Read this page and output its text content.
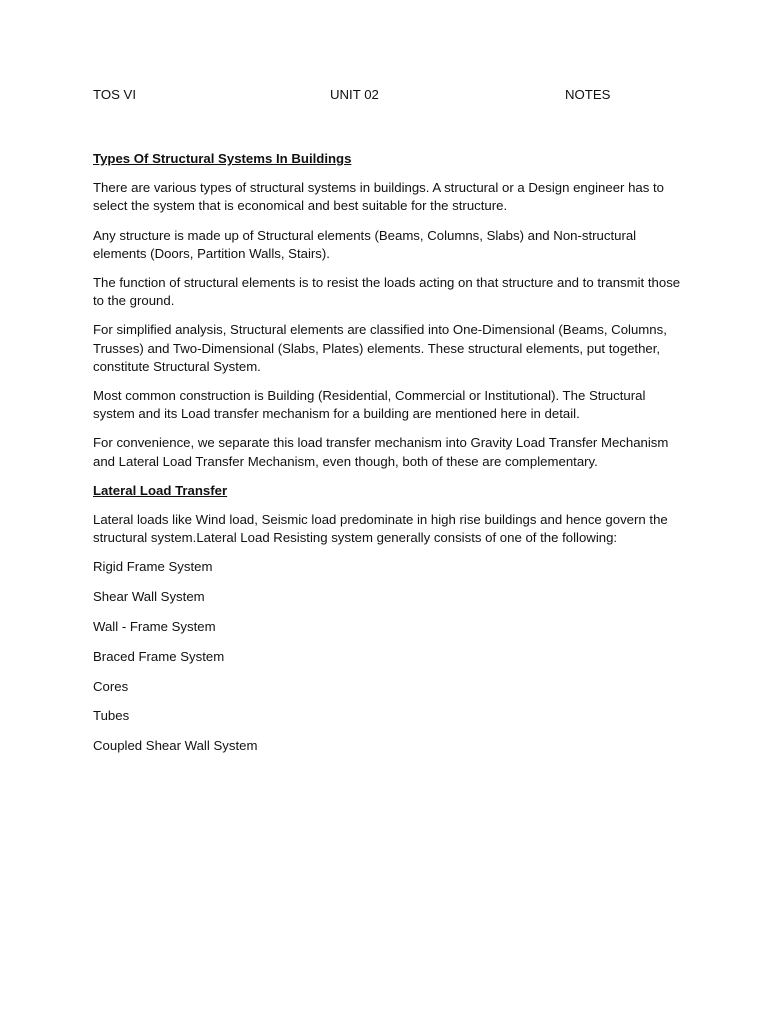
TOS VI	UNIT 02	NOTES
Types Of Structural Systems In Buildings

There are various types of structural systems in buildings. A structural or a Design engineer has to select the system that is economical and best suitable for the structure.

Any structure is made up of Structural elements (Beams, Columns, Slabs) and Non-structural elements (Doors, Partition Walls, Stairs).

The function of structural elements is to resist the loads acting on that structure and to transmit those to the ground.

For simplified analysis, Structural elements are classified into One-Dimensional (Beams, Columns, Trusses) and Two-Dimensional (Slabs, Plates) elements. These structural elements, put together, constitute Structural System.

Most common construction is Building (Residential, Commercial or Institutional). The Structural system and its Load transfer mechanism for a building are mentioned here in detail.

For convenience, we separate this load transfer mechanism into Gravity Load Transfer Mechanism and Lateral Load Transfer Mechanism, even though, both of these are complementary.

Lateral Load Transfer

Lateral loads like Wind load, Seismic load predominate in high rise buildings and hence govern the structural system.Lateral Load Resisting system generally consists of one of the following:

Rigid Frame System
Shear Wall System
Wall - Frame System
Braced Frame System
Cores
Tubes
Coupled Shear Wall System
